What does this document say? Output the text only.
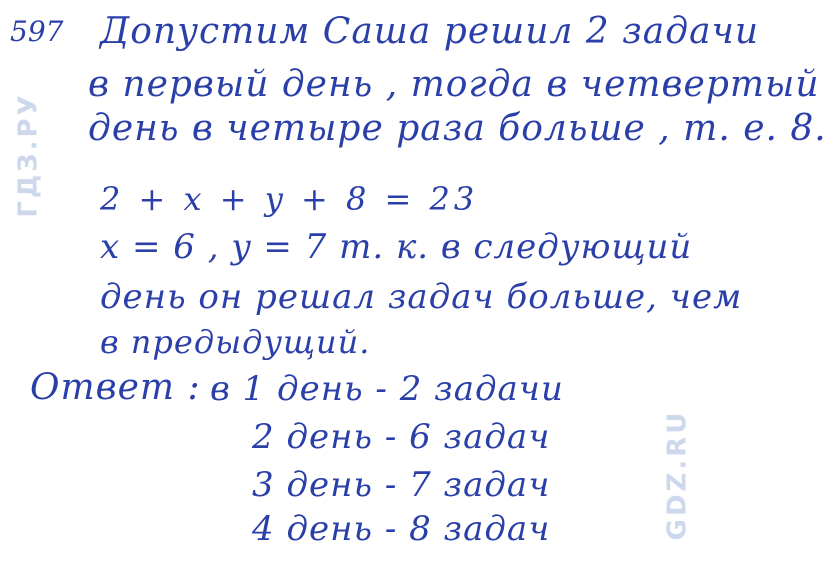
ГДЗ.РУ
GDZ.RU
597 Допустим Саша решил 2 задачи
в первый день , тогда в четвертый
день в четыре раза больше , т. е. 8.
2 + x + y + 8 = 23
x = 6 , y = 7 т. к. в следующий
день он решал задач больше, чем
в предыдущий.
Ответ : в 1 день - 2 задачи
2 день - 6 задач
3 день - 7 задач
4 день - 8 задач
